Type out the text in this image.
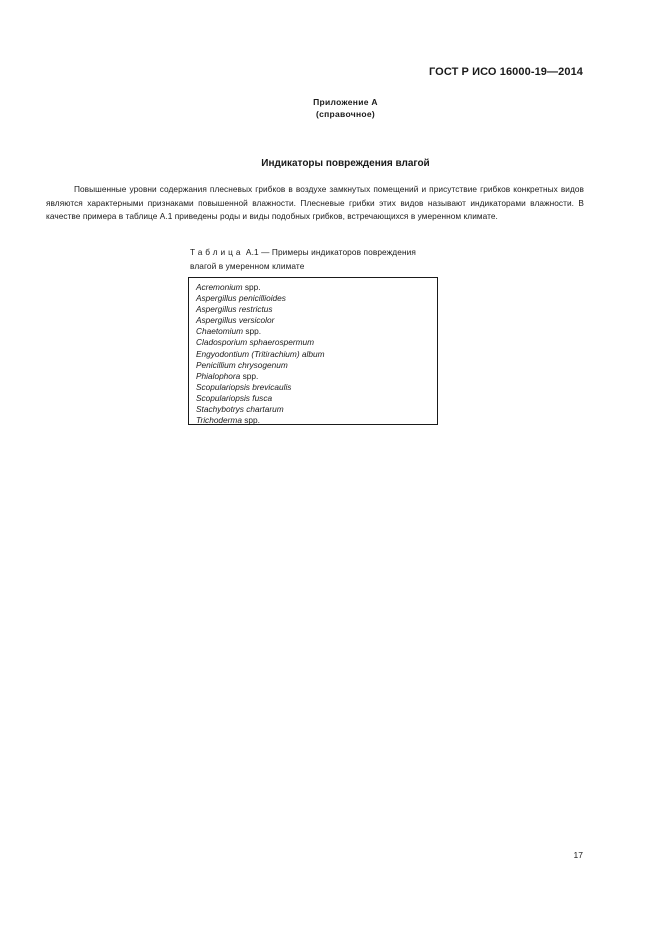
ГОСТ Р ИСО 16000-19—2014
Приложение А
(справочное)
Индикаторы повреждения влагой
Повышенные уровни содержания плесневых грибков в воздухе замкнутых помещений и присутствие грибков конкретных видов являются характерными признаками повышенной влажности. Плесневые грибки этих видов называют индикаторами влажности. В качестве примера в таблице А.1 приведены роды и виды подобных грибков, встречающихся в умеренном климате.
Таблица А.1 — Примеры индикаторов повреждения
влагой в умеренном климате
Acremonium spp.
Aspergillus penicillioides
Aspergillus restrictus
Aspergillus versicolor
Chaetomium spp.
Cladosporium sphaerospermum
Engyodontium (Tritirachium) album
Penicillium chrysogenum
Phialophora spp.
Scopulariopsis brevicaulis
Scopulariopsis fusca
Stachybotrys chartarum
Trichoderma spp.
17
